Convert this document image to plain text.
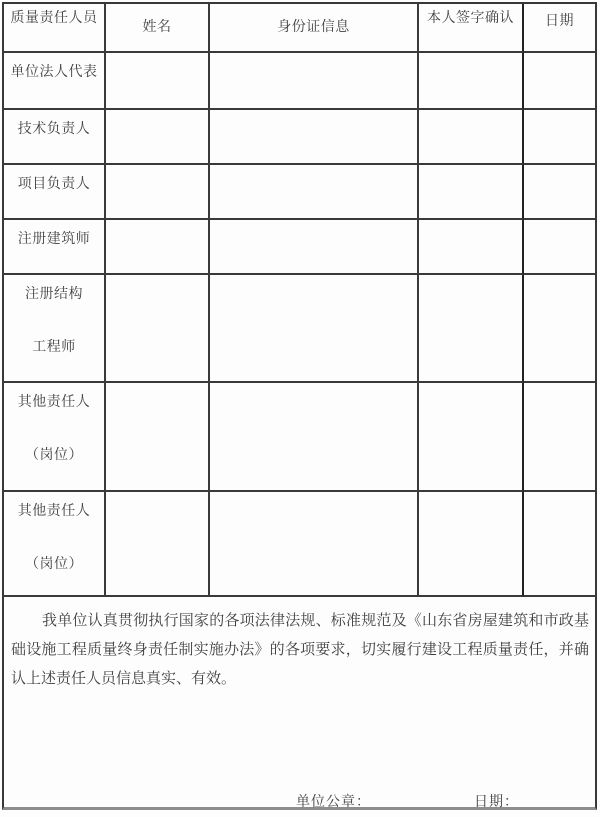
质量责任人员
姓名	身份证信息
本人签字确认 日期
单位法人代表
技术负责人
项目负责人
注册建筑师
注册结构
工程师
其他责任人
（岗位）
其他责任人
（岗位）

我单位认真贯彻执行国家的各项法律法规、标准规范及《山东省房屋建筑和市政基础设施工程质量终身责任制实施办法》的各项要求，切实履行建设工程质量责任，并确认上述责任人员信息真实、有效。

单位公章：	日期：
